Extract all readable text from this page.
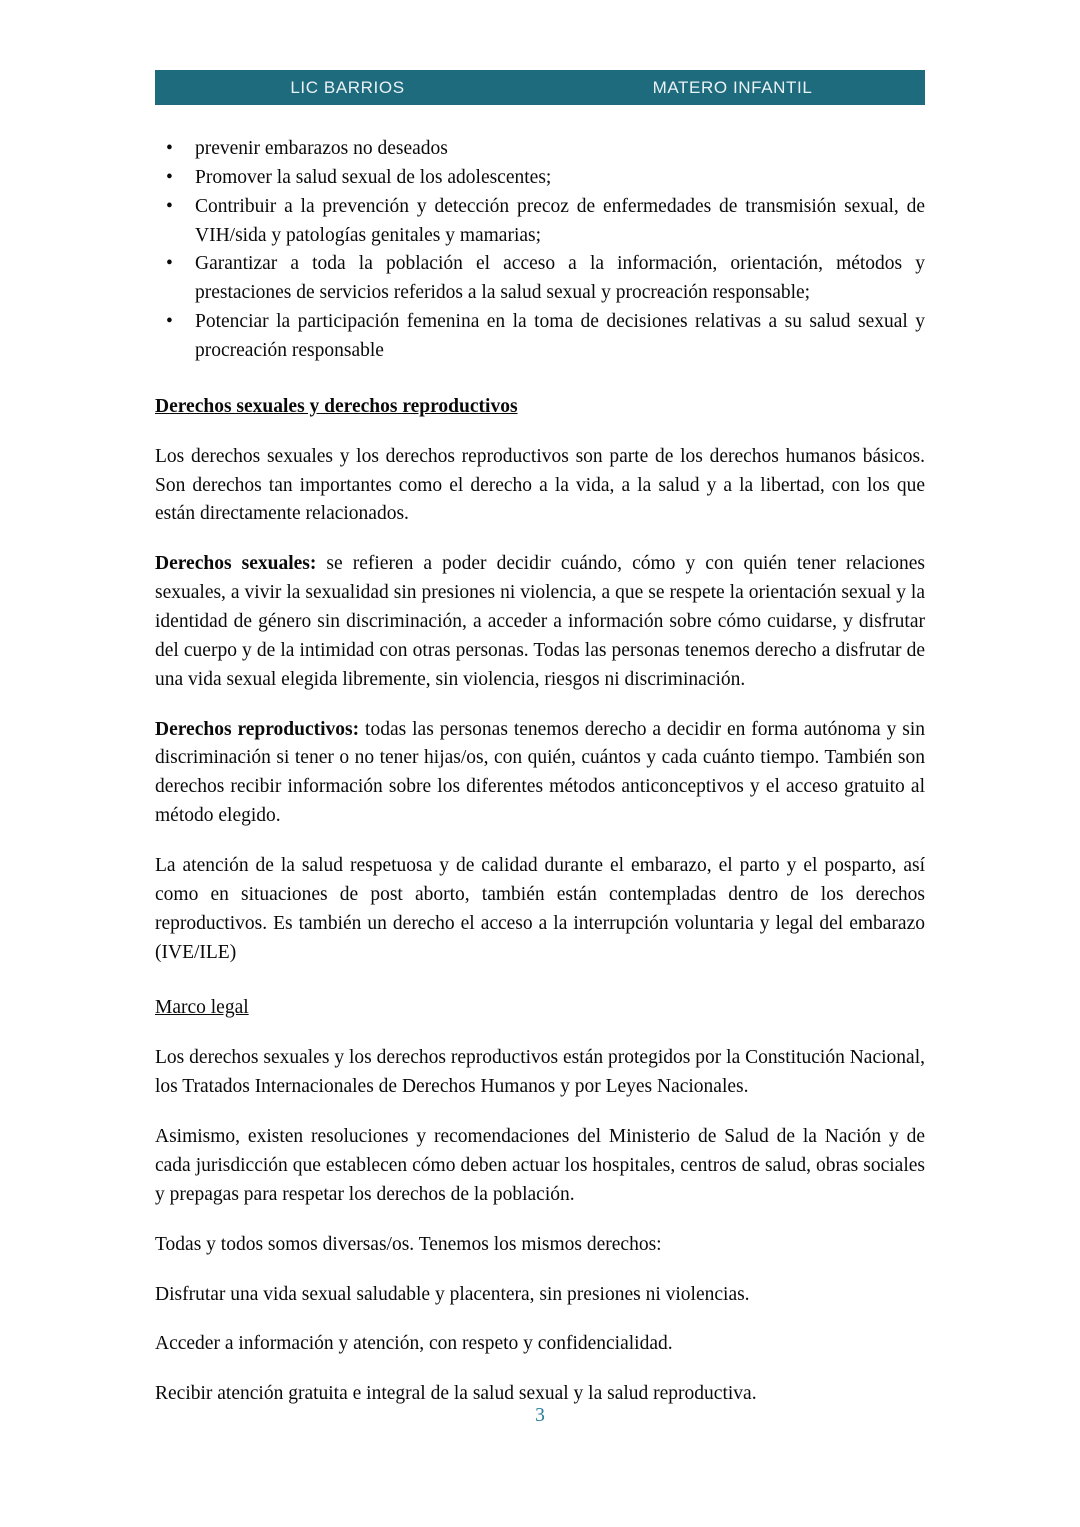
LIC BARRIOS	MATERO INFANTIL
• prevenir embarazos no deseados
• Promover la salud sexual de los adolescentes;
• Contribuir a la prevención y detección precoz de enfermedades de transmisión sexual, de VIH/sida y patologías genitales y mamarias;
• Garantizar a toda la población el acceso a la información, orientación, métodos y prestaciones de servicios referidos a la salud sexual y procreación responsable;
• Potenciar la participación femenina en la toma de decisiones relativas a su salud sexual y procreación responsable
Derechos sexuales y derechos reproductivos

Los derechos sexuales y los derechos reproductivos son parte de los derechos humanos básicos. Son derechos tan importantes como el derecho a la vida, a la salud y a la libertad, con los que están directamente relacionados.

Derechos sexuales: se refieren a poder decidir cuándo, cómo y con quién tener relaciones sexuales, a vivir la sexualidad sin presiones ni violencia, a que se respete la orientación sexual y la identidad de género sin discriminación, a acceder a información sobre cómo cuidarse, y disfrutar del cuerpo y de la intimidad con otras personas. Todas las personas tenemos derecho a disfrutar de una vida sexual elegida libremente, sin violencia, riesgos ni discriminación.

Derechos reproductivos: todas las personas tenemos derecho a decidir en forma autónoma y sin discriminación si tener o no tener hijas/os, con quién, cuántos y cada cuánto tiempo. También son derechos recibir información sobre los diferentes métodos anticonceptivos y el acceso gratuito al método elegido.

La atención de la salud respetuosa y de calidad durante el embarazo, el parto y el posparto, así como en situaciones de post aborto, también están contempladas dentro de los derechos reproductivos. Es también un derecho el acceso a la interrupción voluntaria y legal del embarazo (IVE/ILE)

Marco legal

Los derechos sexuales y los derechos reproductivos están protegidos por la Constitución Nacional, los Tratados Internacionales de Derechos Humanos y por Leyes Nacionales.

Asimismo, existen resoluciones y recomendaciones del Ministerio de Salud de la Nación y de cada jurisdicción que establecen cómo deben actuar los hospitales, centros de salud, obras sociales y prepagas para respetar los derechos de la población.

Todas y todos somos diversas/os. Tenemos los mismos derechos:

Disfrutar una vida sexual saludable y placentera, sin presiones ni violencias.

Acceder a información y atención, con respeto y confidencialidad.

Recibir atención gratuita e integral de la salud sexual y la salud reproductiva.

3
